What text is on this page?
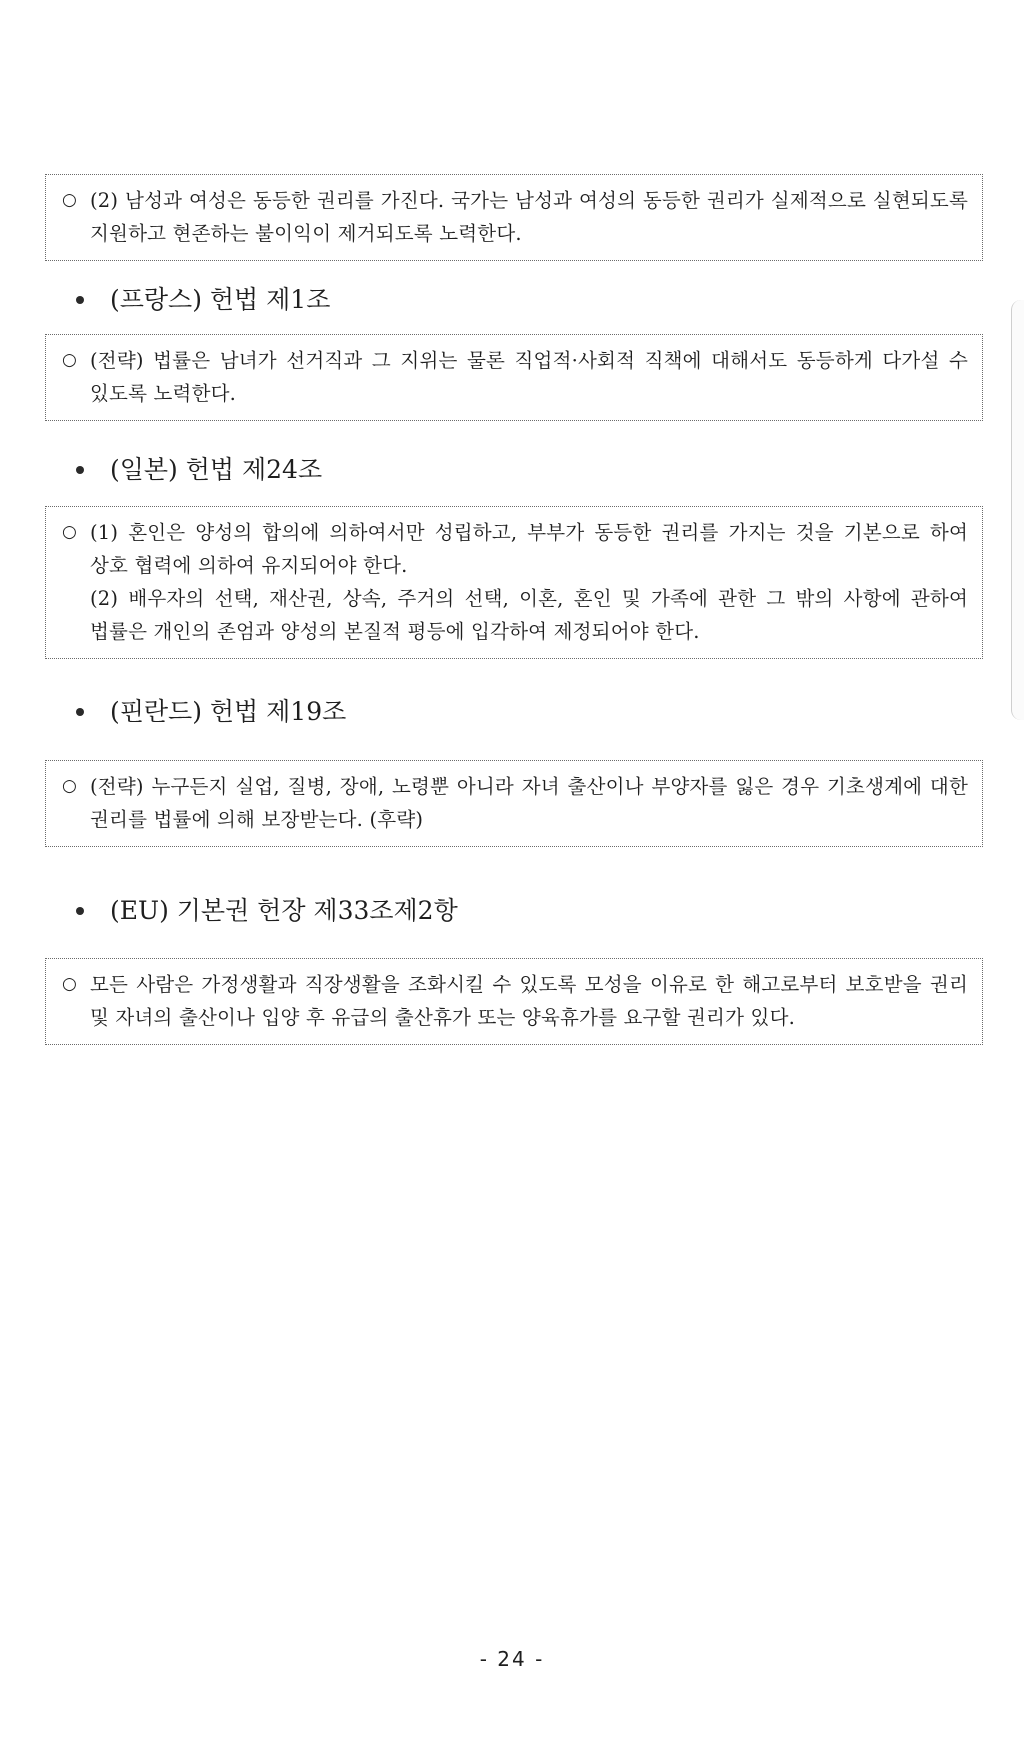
○ (2) 남성과 여성은 동등한 권리를 가진다. 국가는 남성과 여성의 동등한 권리가 실제적으로 실현되도록 지원하고 현존하는 불이익이 제거되도록 노력한다.
(프랑스) 헌법 제1조
○ (전략) 법률은 남녀가 선거직과 그 지위는 물론 직업적·사회적 직책에 대해서도 동등하게 다가설 수 있도록 노력한다.
(일본) 헌법 제24조
○ (1) 혼인은 양성의 합의에 의하여서만 성립하고, 부부가 동등한 권리를 가지는 것을 기본으로 하여 상호 협력에 의하여 유지되어야 한다.
(2) 배우자의 선택, 재산권, 상속, 주거의 선택, 이혼, 혼인 및 가족에 관한 그 밖의 사항에 관하여 법률은 개인의 존엄과 양성의 본질적 평등에 입각하여 제정되어야 한다.
(핀란드) 헌법 제19조
○ (전략) 누구든지 실업, 질병, 장애, 노령뿐 아니라 자녀 출산이나 부양자를 잃은 경우 기초생계에 대한 권리를 법률에 의해 보장받는다. (후략)
(EU) 기본권 헌장 제33조제2항
○ 모든 사람은 가정생활과 직장생활을 조화시킬 수 있도록 모성을 이유로 한 해고로부터 보호받을 권리 및 자녀의 출산이나 입양 후 유급의 출산휴가 또는 양육휴가를 요구할 권리가 있다.
- 24 -
